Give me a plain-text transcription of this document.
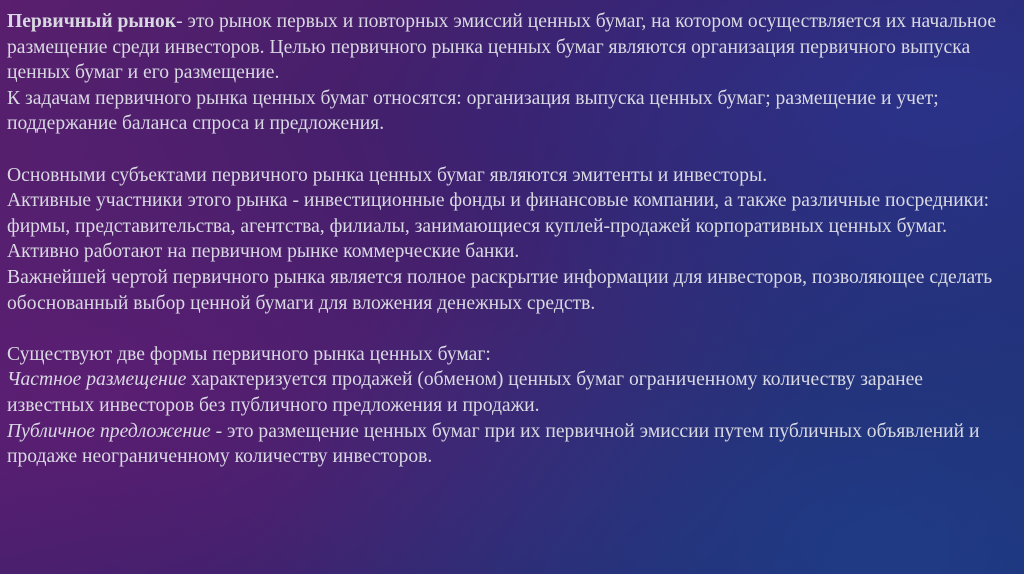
Первичный рынок- это рынок первых и повторных эмиссий ценных бумаг, на котором осуществляется их начальное размещение среди инвесторов. Целью первичного рынка ценных бумаг являются организация первичного выпуска ценных бумаг и его размещение.

К задачам первичного рынка ценных бумаг относятся: организация выпуска ценных бумаг; размещение и учет; поддержание баланса спроса и предложения.

Основными субъектами первичного рынка ценных бумаг являются эмитенты и инвесторы.

Активные участники этого рынка - инвестиционные фонды и финансовые компании, а также различные посредники: фирмы, представительства, агентства, филиалы, занимающиеся куплей-продажей корпоративных ценных бумаг. Активно работают на первичном рынке коммерческие банки.

Важнейшей чертой первичного рынка является полное раскрытие информации для инвесторов, позволяющее сделать обоснованный выбор ценной бумаги для вложения денежных средств.

Существуют две формы первичного рынка ценных бумаг:

Частное размещение характеризуется продажей (обменом) ценных бумаг ограниченному количеству заранее известных инвесторов без публичного предложения и продажи.

Публичное предложение - это размещение ценных бумаг при их первичной эмиссии путем публичных объявлений и продаже неограниченному количеству инвесторов.
